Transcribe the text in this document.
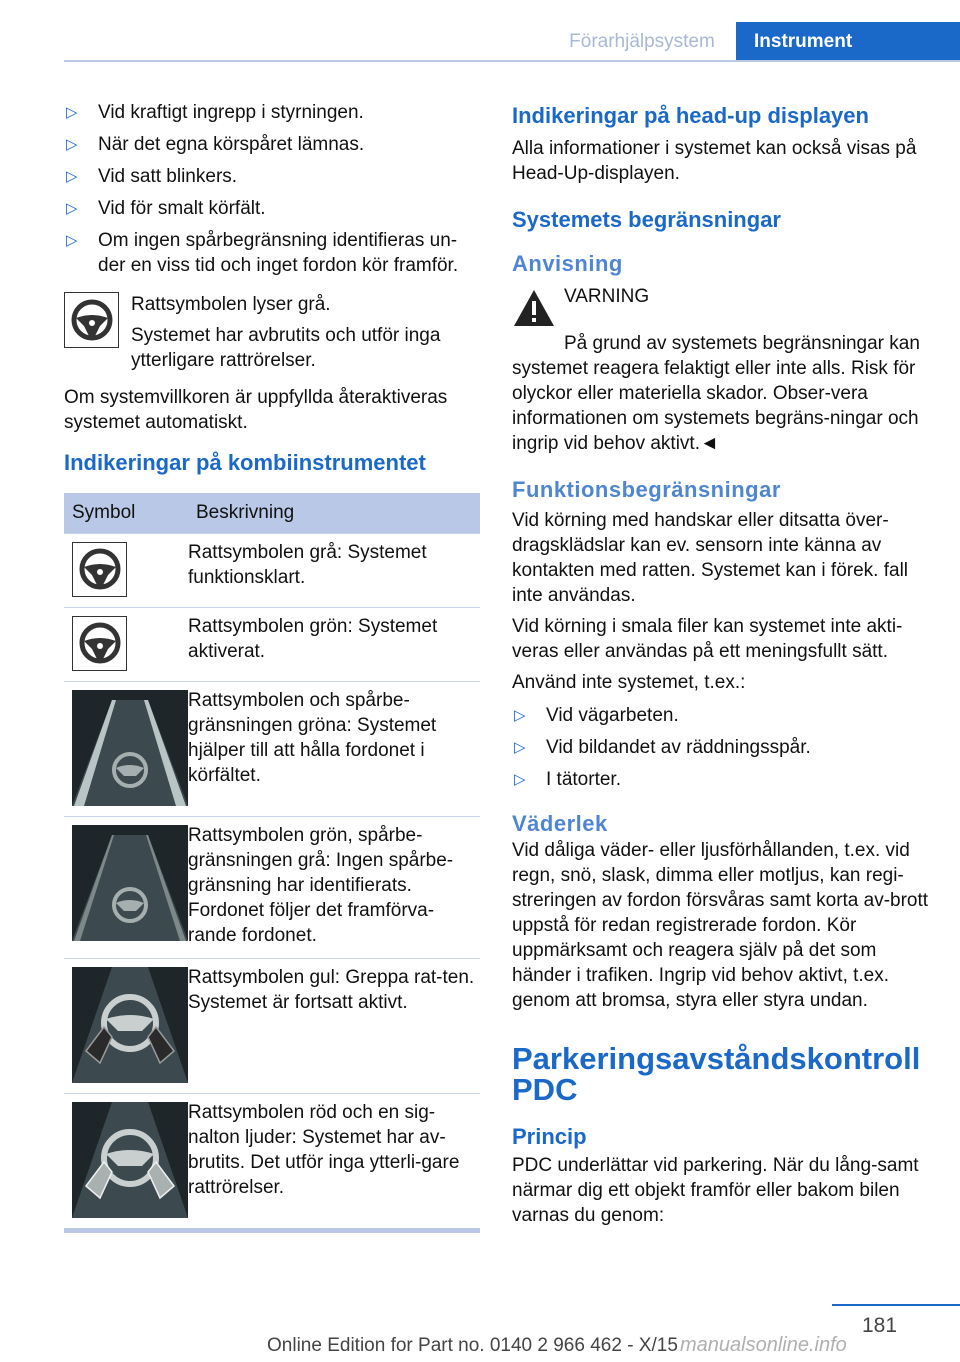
Förarhjälpsystem	Instrument
▷ Vid kraftigt ingrepp i styrningen.
▷ När det egna körspåret lämnas.
▷ Vid satt blinkers.
▷ Vid för smalt körfält.
▷ Om ingen spårbegränsning identifieras un-der en viss tid och inget fordon kör framför.

Rattsymbolen lyser grå.

Systemet har avbrutits och utför inga ytterligare rattrörelser.

Om systemvillkoren är uppfyllda återaktiveras systemet automatiskt.

Indikeringar på kombiinstrumentet
Symbol	Beskrivning

	Rattsymbolen grå: Systemet funktionsklart.

	Rattsymbolen grön: Systemet aktiverat.

	Rattsymbolen och spårbe-gränsningen gröna: Systemet hjälper till att hålla fordonet i körfältet.

	Rattsymbolen grön, spårbe-gränsningen grå: Ingen spårbe-gränsning har identifierats. Fordonet följer det framförva-rande fordonet.

	Rattsymbolen gul: Greppa rat-ten. Systemet är fortsatt aktivt.

	Rattsymbolen röd och en sig-nalton ljuder: Systemet har av-brutits. Det utför inga ytterli-gare rattrörelser.
Indikeringar på head-up displayen

Alla informationer i systemet kan också visas på Head-Up-displayen.

Systemets begränsningar
Anvisning

VARNING

På grund av systemets begränsningar kan systemet reagera felaktigt eller inte alls. Risk för olyckor eller materiella skador. Obser-vera informationen om systemets begräns-ningar och ingrip vid behov aktivt.◄

Funktionsbegränsningar

Vid körning med handskar eller ditsatta över-dragsklädslar kan ev. sensorn inte känna av kontakten med ratten. Systemet kan i förek. fall inte användas.

Vid körning i smala filer kan systemet inte akti-veras eller användas på ett meningsfullt sätt.

Använd inte systemet, t.ex.:

▷ Vid vägarbeten.
▷ Vid bildandet av räddningsspår.
▷ I tätorter.
Väderlek

Vid dåliga väder- eller ljusförhållanden, t.ex. vid regn, snö, slask, dimma eller motljus, kan regi-streringen av fordon försvåras samt korta av-brott uppstå för redan registrerade fordon. Kör uppmärksamt och reagera själv på det som händer i trafiken. Ingrip vid behov aktivt, t.ex. genom att bromsa, styra eller styra undan.

Parkeringsavståndskontroll PDC
Princip

PDC underlättar vid parkering. När du lång-samt närmar dig ett objekt framför eller bakom bilen varnas du genom:

181
Online Edition for Part no. 0140 2 966 462 - X/15 manualsonline.info
